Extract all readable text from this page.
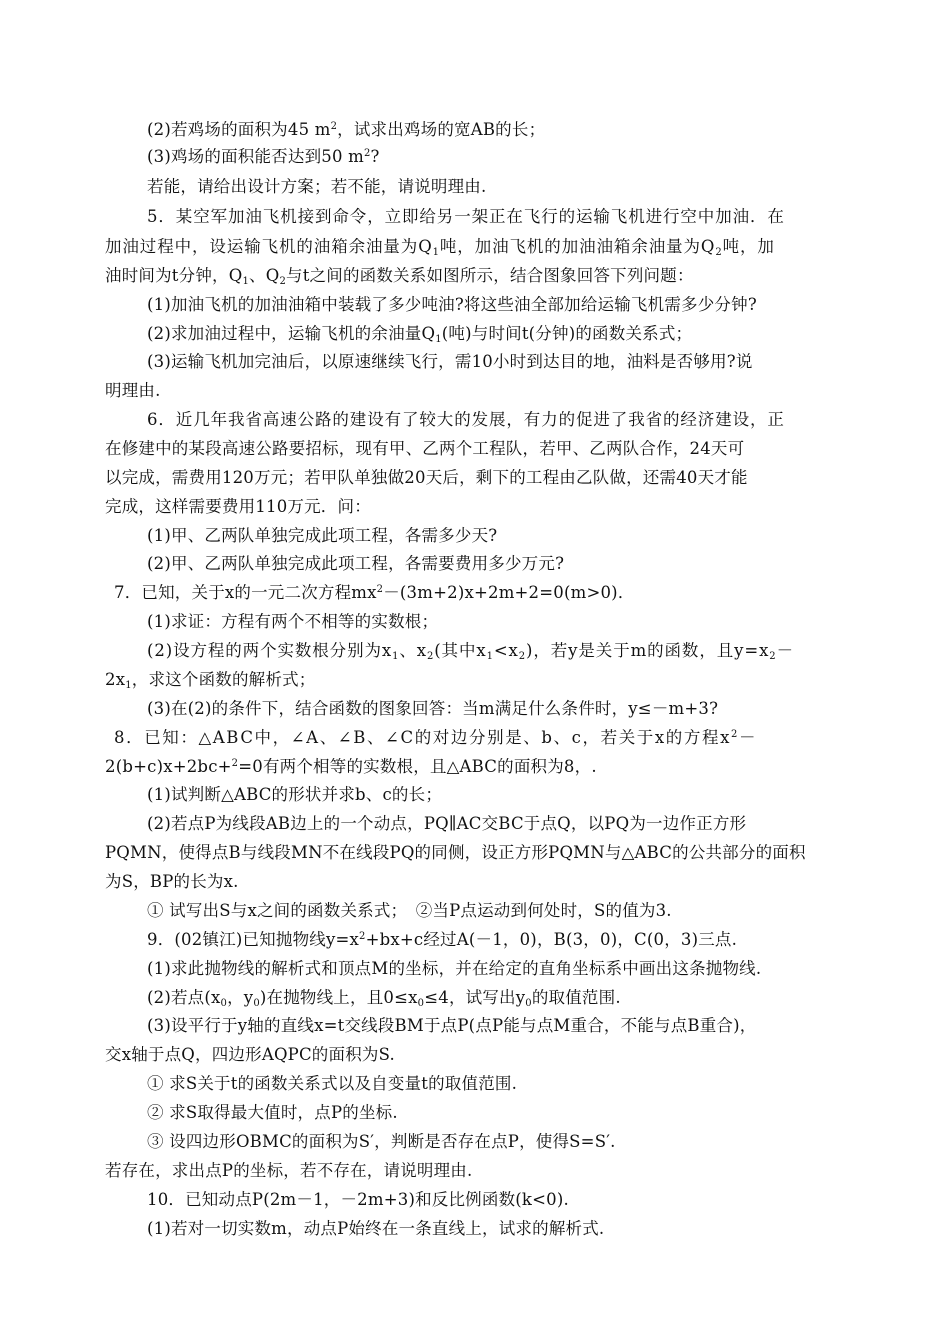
(2)若鸡场的面积为45 $m^2$，试求出鸡场的宽AB的长；
(3)鸡场的面积能否达到50 $m^2$?
若能，请给出设计方案；若不能，请说明理由.
5．某空军加油飞机接到命令，立即给另一架正在飞行的运输飞机进行空中加油．在
加油过程中，设运输飞机的油箱余油量为$Q_1$吨，加油飞机的加油油箱余油量为$Q_2$吨，加
油时间为t分钟，$Q_1$、$Q_2$与t之间的函数关系如图所示，结合图象回答下列问题：
(1)加油飞机的加油油箱中装载了多少吨油?将这些油全部加给运输飞机需多少分钟?
(2)求加油过程中，运输飞机的余油量$Q_1$(吨)与时间t(分钟)的函数关系式；
(3)运输飞机加完油后，以原速继续飞行，需10小时到达目的地，油料是否够用?说
明理由.
6．近几年我省高速公路的建设有了较大的发展，有力的促进了我省的经济建设，正
在修建中的某段高速公路要招标，现有甲、乙两个工程队，若甲、乙两队合作，24天可
以完成，需费用120万元；若甲队单独做20天后，剩下的工程由乙队做，还需40天才能
完成，这样需要费用110万元．问：
(1)甲、乙两队单独完成此项工程，各需多少天?
(2)甲、乙两队单独完成此项工程，各需要费用多少万元?
7．已知，关于x的一元二次方程$mx^2-(3m+2)x+2m+2=0(m>0)$．
(1)求证：方程有两个不相等的实数根；
(2)设方程的两个实数根分别为$x_1$、$x_2$(其中$x_1<x_2$)，若y是关于m的函数，且$y=x_2-$
$2x_1$，求这个函数的解析式；
(3)在(2)的条件下，结合函数的图象回答：当m满足什么条件时，y≤－m+3?
8．已知：△ABC中，∠A、∠B、∠C的对边分别是、b、c，若关于x的方程$x^2-$
2(b+c)x+2bc+$^2$=0有两个相等的实数根，且△ABC的面积为8，.
(1)试判断△ABC的形状并求b、c的长；
(2)若点P为线段AB边上的一个动点，PQ∥AC交BC于点Q，以PQ为一边作正方形
PQMN，使得点B与线段MN不在线段PQ的同侧，设正方形PQMN与△ABC的公共部分的面积
为S，BP的长为x.
① 试写出S与x之间的函数关系式；　②当P点运动到何处时，S的值为3.
9．(02镇江)已知抛物线$y=x^2+bx+c$经过A(－1，0)，B(3，0)，C(0，3)三点.
(1)求此抛物线的解析式和顶点M的坐标，并在给定的直角坐标系中画出这条抛物线.
(2)若点($x_0$，$y_0$)在抛物线上，且$0\le x_0\le 4$，试写出$y_0$的取值范围.
(3)设平行于y轴的直线x=t交线段BM于点P(点P能与点M重合，不能与点B重合)，
交x轴于点Q，四边形AQPC的面积为S.
① 求S关于t的函数关系式以及自变量t的取值范围.
② 求S取得最大值时，点P的坐标.
③ 设四边形OBMC的面积为S′，判断是否存在点P，使得S=S′.
若存在，求出点P的坐标，若不存在，请说明理由.
10．已知动点P(2m－1，－2m+3)和反比例函数(k<0).
(1)若对一切实数m，动点P始终在一条直线上，试求的解析式.
